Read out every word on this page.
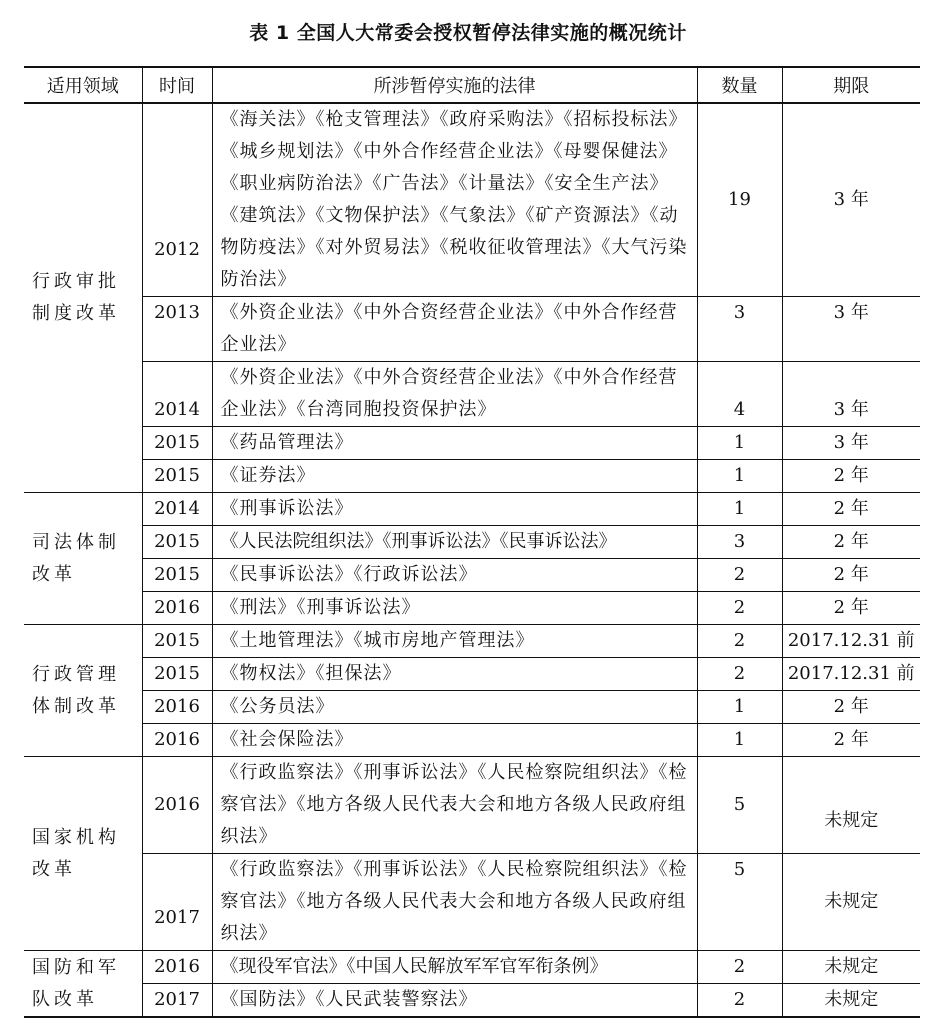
表 1 全国人大常委会授权暂停法律实施的概况统计
适用领域	时间	所涉暂停实施的法律	数量	期限
行政审批制度改革	2012	《海关法》《枪支管理法》《政府采购法》《招标投标法》《城乡规划法》《中外合作经营企业法》《母婴保健法》《职业病防治法》《广告法》《计量法》《安全生产法》《建筑法》《文物保护法》《气象法》《矿产资源法》《动物防疫法》《对外贸易法》《税收征收管理法》《大气污染防治法》	19	3 年
	2013	《外资企业法》《中外合资经营企业法》《中外合作经营企业法》	3	3 年
	2014	《外资企业法》《中外合资经营企业法》《中外合作经营企业法》《台湾同胞投资保护法》	4	3 年
	2015	《药品管理法》	1	3 年
	2015	《证券法》	1	2 年
司法体制改革	2014	《刑事诉讼法》	1	2 年
	2015	《人民法院组织法》《刑事诉讼法》《民事诉讼法》	3	2 年
	2015	《民事诉讼法》《行政诉讼法》	2	2 年
	2016	《刑法》《刑事诉讼法》	2	2 年
行政管理体制改革	2015	《土地管理法》《城市房地产管理法》	2	2017.12.31 前
	2015	《物权法》《担保法》	2	2017.12.31 前
	2016	《公务员法》	1	2 年
	2016	《社会保险法》	1	2 年
国家机构改革	2016	《行政监察法》《刑事诉讼法》《人民检察院组织法》《检察官法》《地方各级人民代表大会和地方各级人民政府组织法》	5	未规定
	2017	《行政监察法》《刑事诉讼法》《人民检察院组织法》《检察官法》《地方各级人民代表大会和地方各级人民政府组织法》	5	未规定
国防和军队改革	2016	《现役军官法》《中国人民解放军军官军衔条例》	2	未规定
	2017	《国防法》《人民武装警察法》	2	未规定
